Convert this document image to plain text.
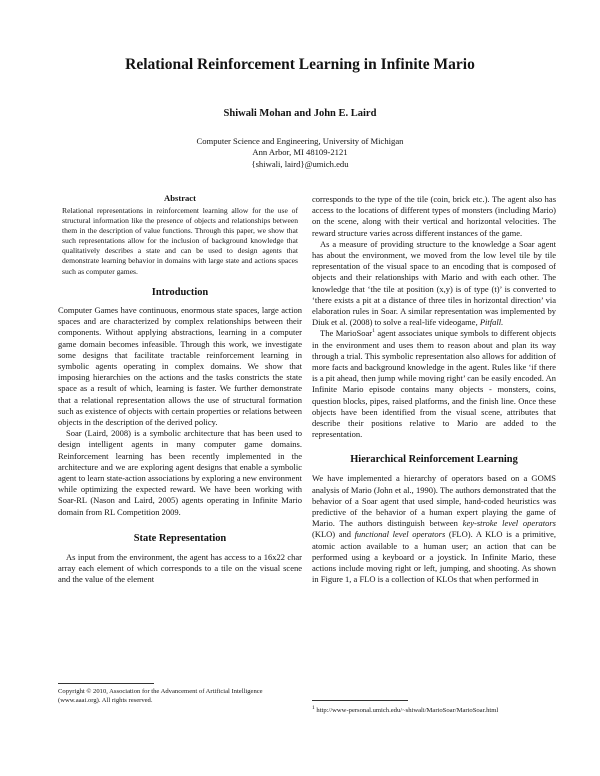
Relational Reinforcement Learning in Infinite Mario
Shiwali Mohan and John E. Laird
Computer Science and Engineering, University of Michigan
Ann Arbor, MI 48109-2121
{shiwali, laird}@umich.edu
Abstract
Relational representations in reinforcement learning allow for the use of structural information like the presence of objects and relationships between them in the description of value functions. Through this paper, we show that such representations allow for the inclusion of background knowledge that qualitatively describes a state and can be used to design agents that demonstrate learning behavior in domains with large state and actions spaces such as computer games.
Introduction

Computer Games have continuous, enormous state spaces, large action spaces and are characterized by complex relationships between their components. Without applying abstractions, learning in a computer game domain becomes infeasible. Through this work, we investigate some designs that facilitate tractable reinforcement learning in symbolic agents operating in complex domains. We show that imposing hierarchies on the actions and the tasks constricts the state space as a result of which, learning is faster. We further demonstrate that a relational representation allows the use of structural formation such as existence of objects with certain properties or relations between objects in the description of the derived policy.

Soar (Laird, 2008) is a symbolic architecture that has been used to design intelligent agents in many computer game domains. Reinforcement learning has been recently implemented in the architecture and we are exploring agent designs that enable a symbolic agent to learn state-action associations by exploring a new environment while optimizing the expected reward. We have been working with Soar-RL (Nason and Laird, 2005) agents operating in Infinite Mario domain from RL Competition 2009.

State Representation

As input from the environment, the agent has access to a 16x22 char array each element of which corresponds to a tile on the visual scene and the value of the element

Copyright © 2010, Association for the Advancement of Artificial Intelligence (www.aaai.org). All rights reserved.

corresponds to the type of the tile (coin, brick etc.). The agent also has access to the locations of different types of monsters (including Mario) on the scene, along with their vertical and horizontal velocities. The reward structure varies across different instances of the game.

As a measure of providing structure to the knowledge a Soar agent has about the environment, we moved from the low level tile by tile representation of the visual space to an encoding that is composed of objects and their relationships with Mario and with each other. The knowledge that ‘the tile at position (x,y) is of type (t)’ is converted to ‘there exists a pit at a distance of three tiles in horizontal direction’ via elaboration rules in Soar. A similar representation was implemented by Diuk et al. (2008) to solve a real-life videogame, Pitfall.

The MarioSoar$^1$ agent associates unique symbols to different objects in the environment and uses them to reason about and plan its way through a trial. This symbolic representation also allows for addition of more facts and background knowledge in the agent. Rules like ‘if there is a pit ahead, then jump while moving right’ can be easily encoded. An Infinite Mario episode contains many objects - monsters, coins, question blocks, pipes, raised platforms, and the finish line. Once these objects have been identified from the visual scene, attributes that describe their positions relative to Mario are added to the representation.

Hierarchical Reinforcement Learning

We have implemented a hierarchy of operators based on a GOMS analysis of Mario (John et al., 1990). The authors demonstrated that the behavior of a Soar agent that used simple, hand-coded heuristics was predictive of the behavior of a human expert playing the game of Mario. The authors distinguish between key-stroke level operators (KLO) and functional level operators (FLO). A KLO is a primitive, atomic action available to a human user; an action that can be performed using a keyboard or a joystick. In Infinite Mario, these actions include moving right or left, jumping, and shooting. As shown in Figure 1, a FLO is a collection of KLOs that when performed in

$^1$ http://www-personal.umich.edu/~shiwali/MarioSoar/MarioSoar.html
